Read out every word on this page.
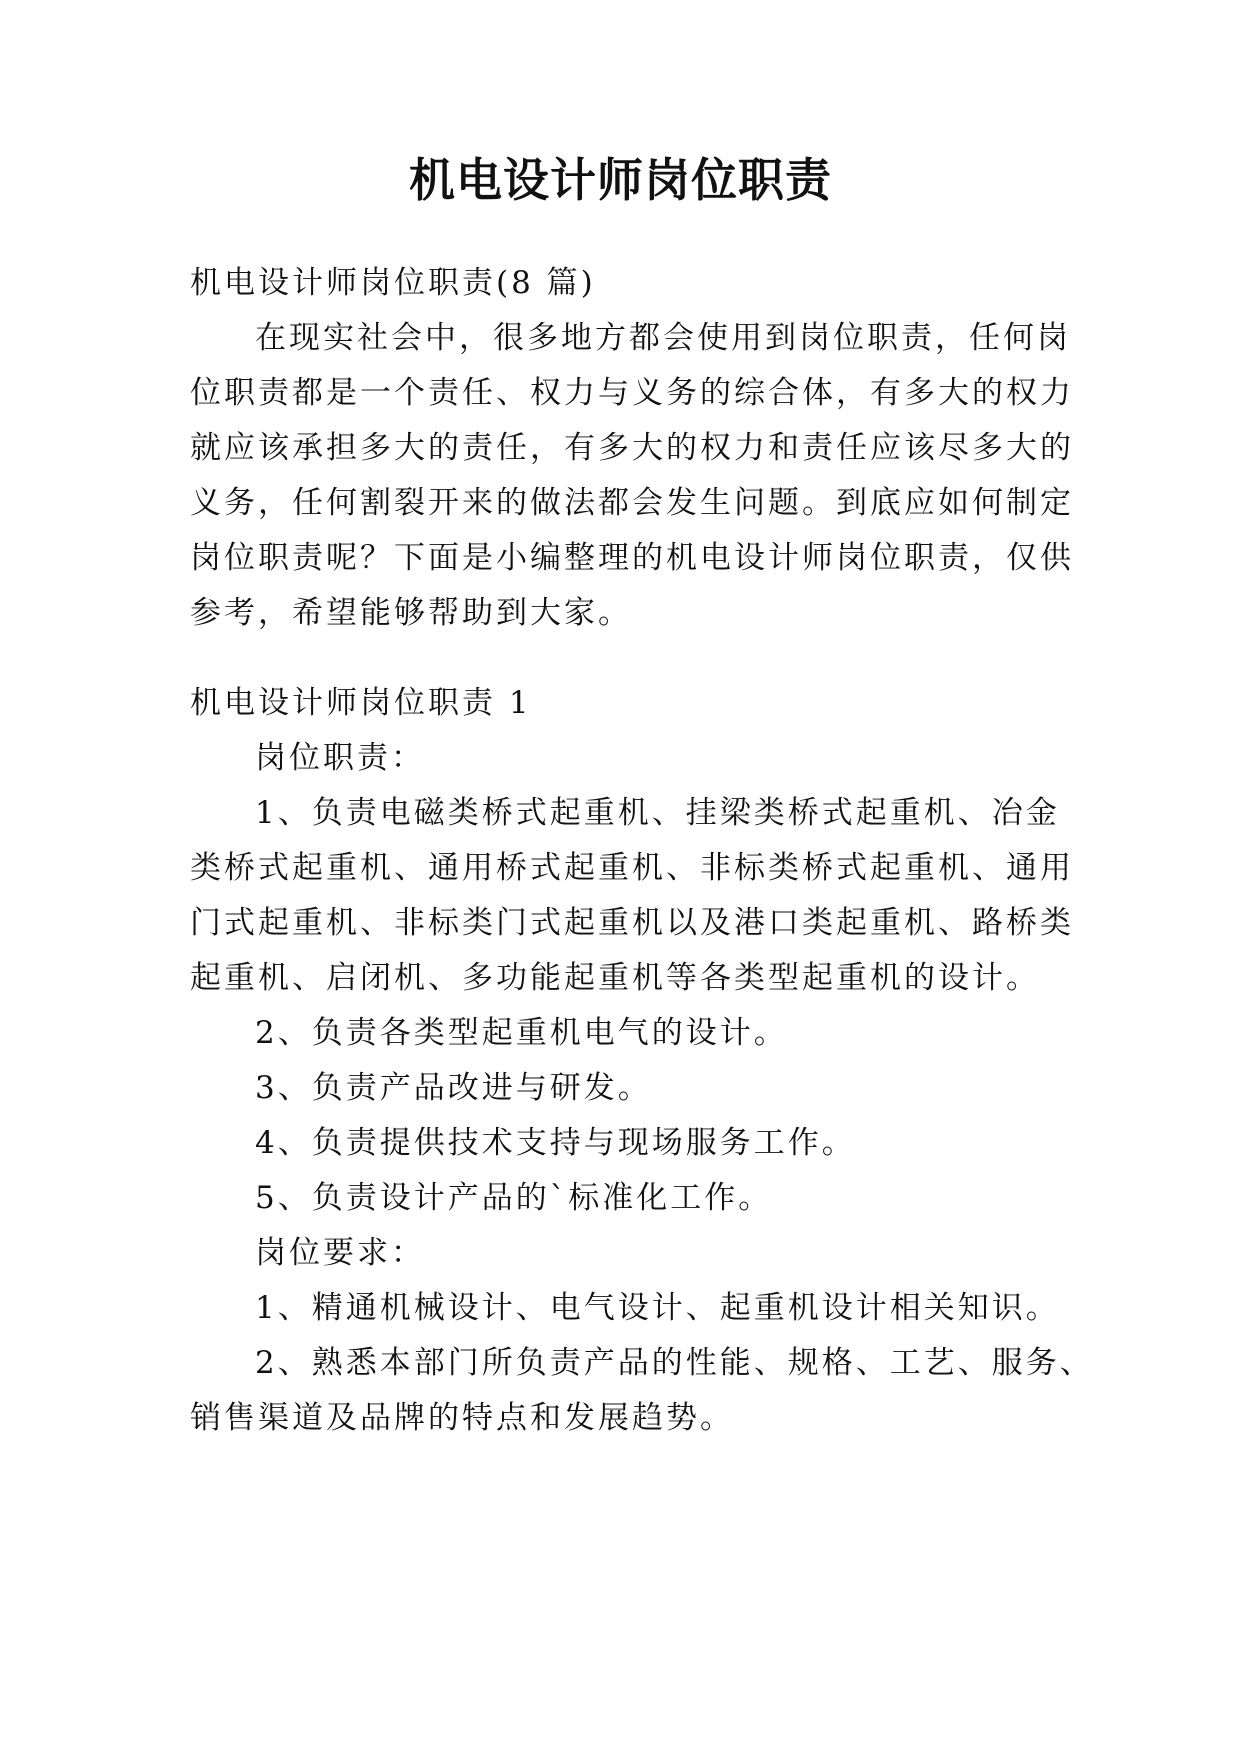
机电设计师岗位职责
机电设计师岗位职责(8 篇)
在现实社会中，很多地方都会使用到岗位职责，任何岗
位职责都是一个责任、权力与义务的综合体，有多大的权力
就应该承担多大的责任，有多大的权力和责任应该尽多大的
义务，任何割裂开来的做法都会发生问题。到底应如何制定
岗位职责呢？下面是小编整理的机电设计师岗位职责，仅供
参考，希望能够帮助到大家。
机电设计师岗位职责 1
岗位职责：
1、负责电磁类桥式起重机、挂梁类桥式起重机、冶金
类桥式起重机、通用桥式起重机、非标类桥式起重机、通用
门式起重机、非标类门式起重机以及港口类起重机、路桥类
起重机、启闭机、多功能起重机等各类型起重机的设计。
2、负责各类型起重机电气的设计。
3、负责产品改进与研发。
4、负责提供技术支持与现场服务工作。
5、负责设计产品的`标准化工作。
岗位要求：
1、精通机械设计、电气设计、起重机设计相关知识。
2、熟悉本部门所负责产品的性能、规格、工艺、服务、
销售渠道及品牌的特点和发展趋势。
